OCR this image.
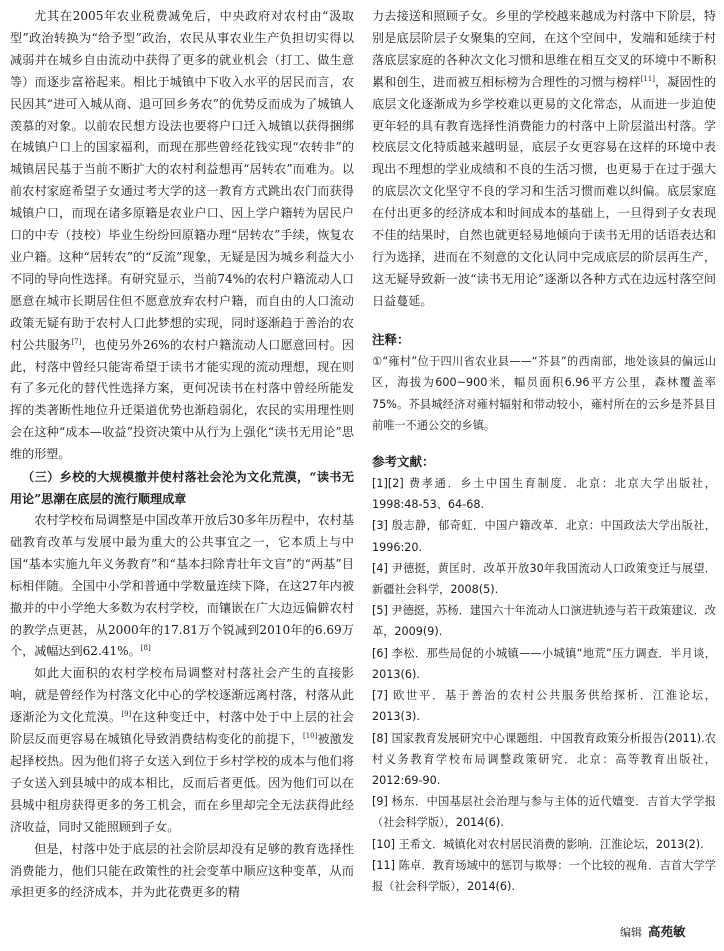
尤其在2005年农业税费减免后，中央政府对农村由“汲取型”政治转换为“给予型”政治，农民从事农业生产负担切实得以减弱并在城乡自由流动中获得了更多的就业机会（打工、做生意等）而逐步富裕起来。相比于城镇中下收入水平的居民而言，农民因其“进可入城从商、退可回乡务农”的优势反而成为了城镇人羡慕的对象。以前农民想方设法也要将户口迁入城镇以获得捆绑在城镇户口上的国家福利，而现在那些曾经花钱实现“农转非”的城镇居民基于当前不断扩大的农村利益想再“居转农”而难为。以前农村家庭希望子女通过考大学的这一教育方式跳出农门而获得城镇户口，而现在诸多原籍是农业户口、因上学户籍转为居民户口的中专（技校）毕业生纷纷回原籍办理“居转农”手续，恢复农业户籍。这种“居转农”的“反流”现象，无疑是因为城乡利益大小不同的导向性选择。有研究显示，当前74%的农村户籍流动人口愿意在城市长期居住但不愿意放弃农村户籍，而自由的人口流动政策无疑有助于农村人口此梦想的实现，同时逐渐趋于善治的农村公共服务[7]，也使另外26%的农村户籍流动人口愿意回村。因此，村落中曾经只能寄希望于读书才能实现的流动理想，现在则有了多元化的替代性选择方案，更何况读书在村落中曾经所能发挥的类著断性地位升迁渠道优势也渐趋弱化，农民的实用理性则会在这种“成本—收益”投资决策中从行为上强化“读书无用论”思维的形塑。

（三）乡校的大规模撤并使村落社会沦为文化荒漠，“读书无用论”思潮在底层的流行顺理成章

农村学校布局调整是中国改革开放后30多年历程中，农村基础教育改革与发展中最为重大的公共事宜之一，它本质上与中国“基本实施九年义务教育”和“基本扫除青壮年文盲”的“两基”目标相伴随。全国中小学和普通中学数量连续下降，在这27年内被撤并的中小学绝大多数为农村学校，而镶嵌在广大边远偏僻农村的教学点更甚，从2000年的17.81万个锐减到2010年的6.69万个，减幅达到62.41%。[8]

如此大面积的农村学校布局调整对村落社会产生的直接影响，就是曾经作为村落文化中心的学校逐渐远离村落，村落从此逐渐沦为文化荒漠。[9]在这种变迁中，村落中处于中上层的社会阶层反而更容易在城镇化导致消费结构变化的前提下，[10]被激发起择校热。因为他们将子女送入到位于乡村学校的成本与他们将子女送入到县城中的成本相比，反而后者更低。因为他们可以在县城中租房获得更多的务工机会，而在乡里却完全无法获得此经济收益，同时又能照顾到子女。

但是，村落中处于底层的社会阶层却没有足够的教育选择性消费能力，他们只能在政策性的社会变革中顺应这种变革，从而承担更多的经济成本，并为此花费更多的精

力去接送和照顾子女。乡里的学校越来越成为村落中下阶层，特别是底层阶层子女聚集的空间，在这个空间中，发端和延续于村落底层家庭的各种次文化习惯和思维在相互交叉的环境中不断积累和创生，进而被互相标榜为合理性的习惯与榜样[11]，凝固性的底层文化逐渐成为乡学校难以更易的文化常态，从而进一步迫使更年轻的具有教育选择性消费能力的村落中上阶层溢出村落。学校底层文化特质越来越明显，底层子女更容易在这样的环境中表现出不理想的学业成绩和不良的生活习惯，也更易于在过于强大的底层次文化坚守不良的学习和生活习惯而难以纠偏。底层家庭在付出更多的经济成本和时间成本的基础上，一旦得到子女表现不佳的结果时，自然也就更轻易地倾向于读书无用的话语表达和行为选择，进而在不刻意的文化认同中完成底层的阶层再生产，这无疑导致新一波“读书无用论”逐渐以各种方式在边远村落空间日益蔓延。

注释：

①“雍村”位于四川省农业县——“芥县”的西南部，地处该县的偏远山区，海拔为600~900米，幅员面积6.96平方公里，森林覆盖率75%。芥县城经济对雍村辐射和带动较小，雍村所在的云乡是芥县目前唯一不通公交的乡镇。

参考文献：

[1][2] 费孝通．乡土中国生育制度．北京：北京大学出版社，1998:48-53、64-68.

[3] 殷志静，郁奇虹．中国户籍改革．北京：中国政法大学出版社，1996:20.

[4] 尹德挺，黄匡时．改革开放30年我国流动人口政策变迁与展望．新疆社会科学，2008(5).

[5] 尹德挺，苏杨．建国六十年流动人口演进轨迹与若干政策建议．改革，2009(9).

[6] 李松．那些局促的小城镇——小城镇“地荒”压力调查．半月谈，2013(6).

[7] 欧世平．基于善治的农村公共服务供给探析．江淮论坛，2013(3).

[8] 国家教育发展研究中心课题组．中国教育政策分析报告(2011).农村义务教育学校布局调整政策研究．北京：高等教育出版社，2012:69-90.

[9] 杨东．中国基层社会治理与参与主体的近代嬗变．吉首大学学报（社会科学版），2014(6).

[10] 王希文．城镇化对农村居民消费的影响．江淮论坛，2013(2).

[11] 陈卓．教育场域中的惩罚与欺辱：一个比较的视角．吉首大学学报（社会科学版），2014(6).

编辑 高苑敏
